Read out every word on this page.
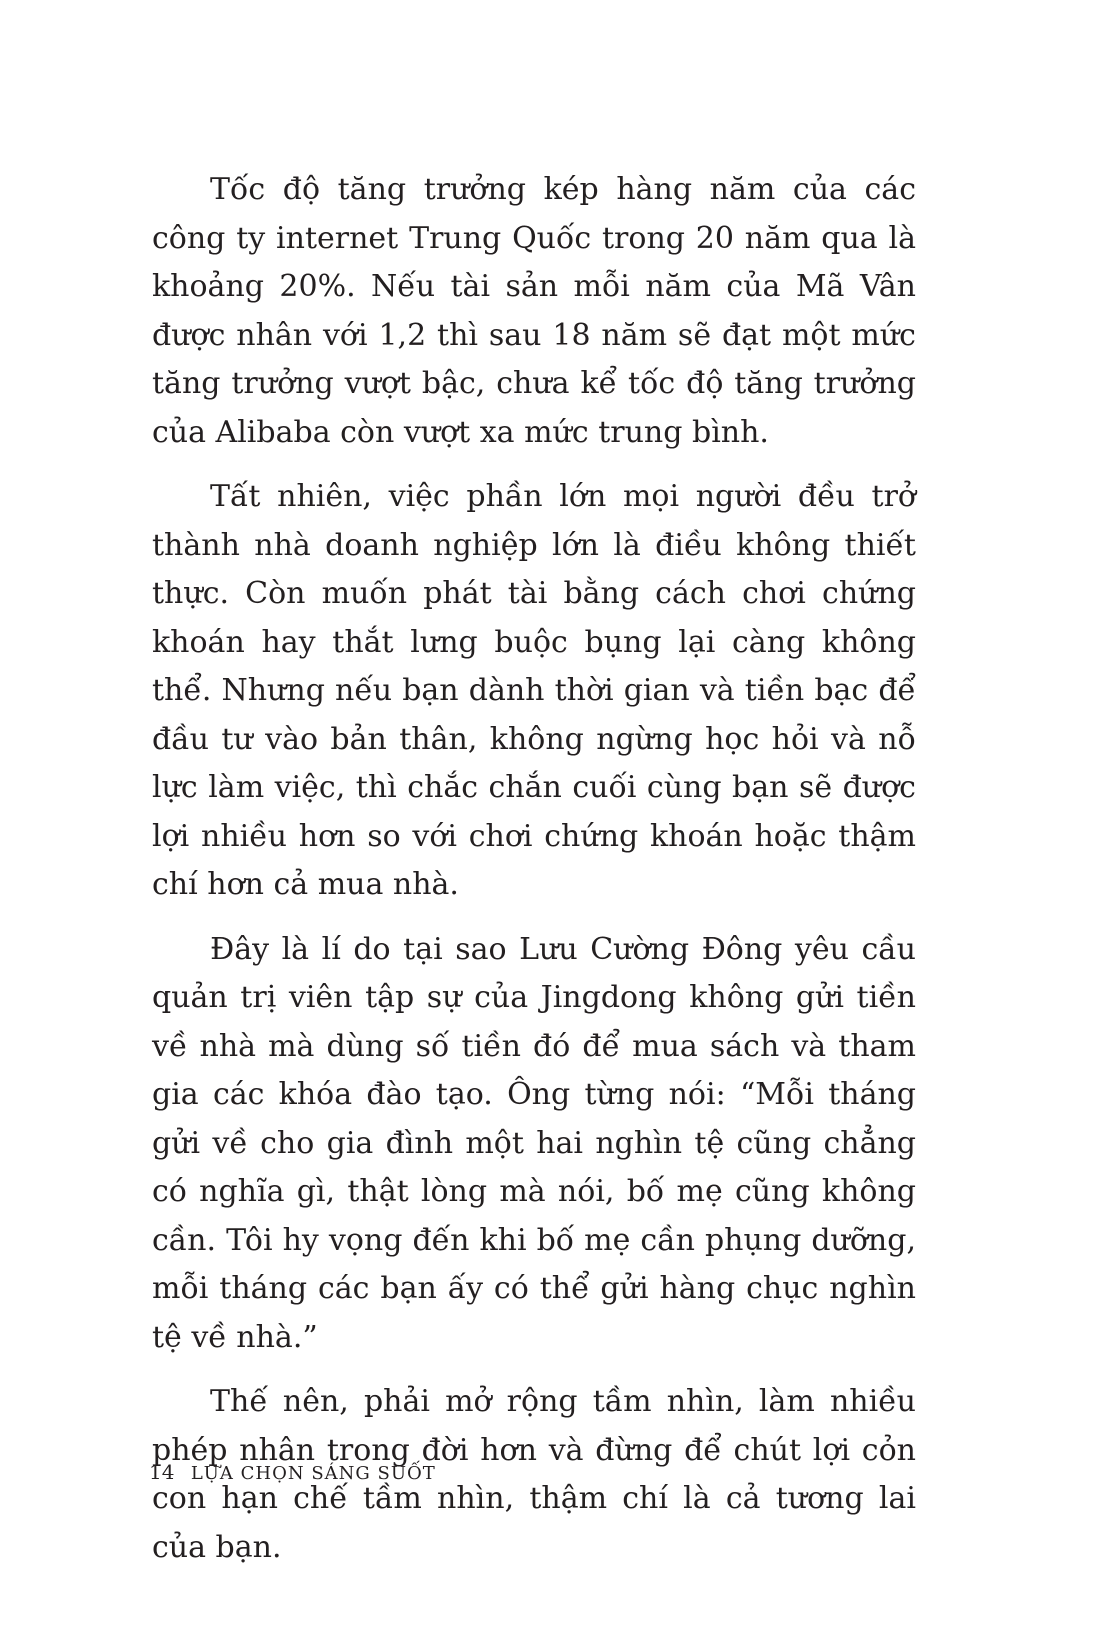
Tốc độ tăng trưởng kép hàng năm của các công ty internet Trung Quốc trong 20 năm qua là khoảng 20%. Nếu tài sản mỗi năm của Mã Vân được nhân với 1,2 thì sau 18 năm sẽ đạt một mức tăng trưởng vượt bậc, chưa kể tốc độ tăng trưởng của Alibaba còn vượt xa mức trung bình.

Tất nhiên, việc phần lớn mọi người đều trở thành nhà doanh nghiệp lớn là điều không thiết thực. Còn muốn phát tài bằng cách chơi chứng khoán hay thắt lưng buộc bụng lại càng không thể. Nhưng nếu bạn dành thời gian và tiền bạc để đầu tư vào bản thân, không ngừng học hỏi và nỗ lực làm việc, thì chắc chắn cuối cùng bạn sẽ được lợi nhiều hơn so với chơi chứng khoán hoặc thậm chí hơn cả mua nhà.

Đây là lí do tại sao Lưu Cường Đông yêu cầu quản trị viên tập sự của Jingdong không gửi tiền về nhà mà dùng số tiền đó để mua sách và tham gia các khóa đào tạo. Ông từng nói: “Mỗi tháng gửi về cho gia đình một hai nghìn tệ cũng chẳng có nghĩa gì, thật lòng mà nói, bố mẹ cũng không cần. Tôi hy vọng đến khi bố mẹ cần phụng dưỡng, mỗi tháng các bạn ấy có thể gửi hàng chục nghìn tệ về nhà.”

Thế nên, phải mở rộng tầm nhìn, làm nhiều phép nhân trong đời hơn và đừng để chút lợi cỏn con hạn chế tầm nhìn, thậm chí là cả tương lai của bạn.

14 LỰA CHỌN SÁNG SUỐT
